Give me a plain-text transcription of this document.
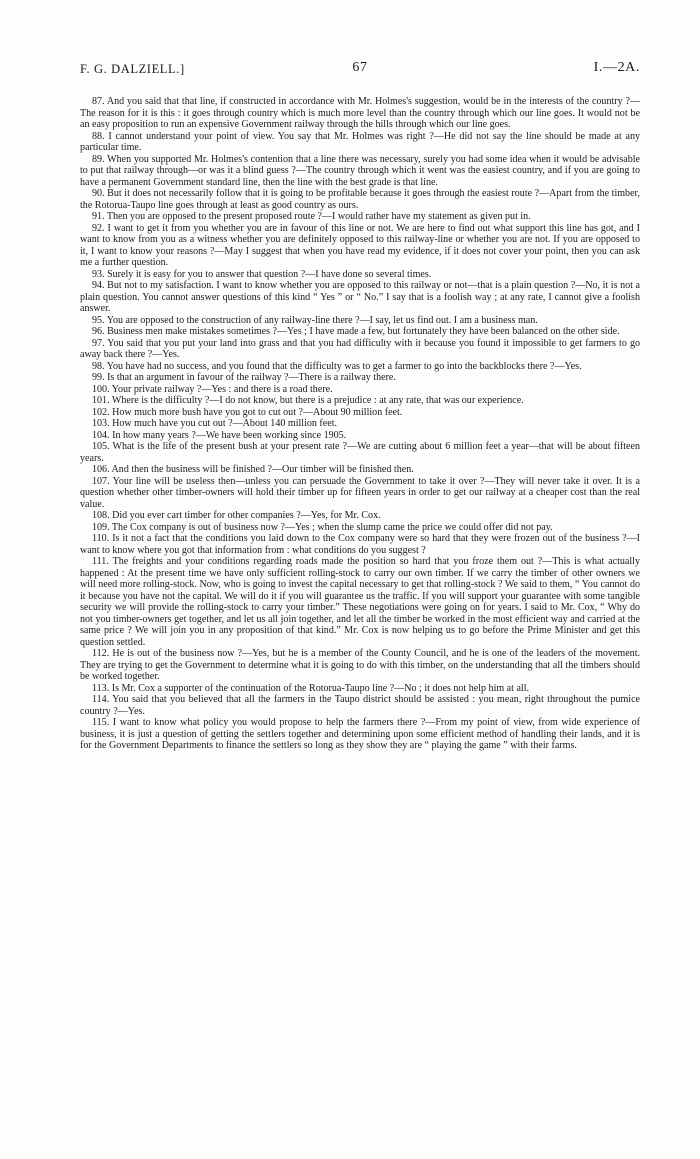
F. G. DALZIELL.]	67	I.—2A.

87. And you said that that line, if constructed in accordance with Mr. Holmes's suggestion, would be in the interests of the country ?—The reason for it is this : it goes through country which is much more level than the country through which our line goes. It would not be an easy proposition to run an expensive Government railway through the hills through which our line goes.

88. I cannot understand your point of view. You say that Mr. Holmes was right ?—He did not say the line should be made at any particular time.

89. When you supported Mr. Holmes's contention that a line there was necessary, surely you had some idea when it would be advisable to put that railway through—or was it a blind guess ?—The country through which it went was the easiest country, and if you are going to have a permanent Government standard line, then the line with the best grade is that line.

90. But it does not necessarily follow that it is going to be profitable because it goes through the easiest route ?—Apart from the timber, the Rotorua-Taupo line goes through at least as good country as ours.

91. Then you are opposed to the present proposed route ?—I would rather have my statement as given put in.

92. I want to get it from you whether you are in favour of this line or not. We are here to find out what support this line has got, and I want to know from you as a witness whether you are definitely opposed to this railway-line or whether you are not. If you are opposed to it, I want to know your reasons ?—May I suggest that when you have read my evidence, if it does not cover your point, then you can ask me a further question.

93. Surely it is easy for you to answer that question ?—I have done so several times.

94. But not to my satisfaction. I want to know whether you are opposed to this railway or not—that is a plain question ?—No, it is not a plain question. You cannot answer questions of this kind “ Yes ” or “ No.” I say that is a foolish way ; at any rate, I cannot give a foolish answer.

95. You are opposed to the construction of any railway-line there ?—I say, let us find out. I am a business man.

96. Business men make mistakes sometimes ?—Yes ; I have made a few, but fortunately they have been balanced on the other side.

97. You said that you put your land into grass and that you had difficulty with it because you found it impossible to get farmers to go away back there ?—Yes.

98. You have had no success, and you found that the difficulty was to get a farmer to go into the backblocks there ?—Yes.

99. Is that an argument in favour of the railway ?—There is a railway there.

100. Your private railway ?—Yes : and there is a road there.

101. Where is the difficulty ?—I do not know, but there is a prejudice : at any rate, that was our experience.

102. How much more bush have you got to cut out ?—About 90 million feet.

103. How much have you cut out ?—About 140 million feet.

104. In how many years ?—We have been working since 1905.

105. What is the life of the present bush at your present rate ?—We are cutting about 6 million feet a year—that will be about fifteen years.

106. And then the business will be finished ?—Our timber will be finished then.

107. Your line will be useless then—unless you can persuade the Government to take it over ?—They will never take it over. It is a question whether other timber-owners will hold their timber up for fifteen years in order to get our railway at a cheaper cost than the real value.

108. Did you ever cart timber for other companies ?—Yes, for Mr. Cox.

109. The Cox company is out of business now ?—Yes ; when the slump came the price we could offer did not pay.

110. Is it not a fact that the conditions you laid down to the Cox company were so hard that they were frozen out of the business ?—I want to know where you got that information from : what conditions do you suggest ?

111. The freights and your conditions regarding roads made the position so hard that you froze them out ?—This is what actually happened : At the present time we have only sufficient rolling-stock to carry our own timber. If we carry the timber of other owners we will need more rolling-stock. Now, who is going to invest the capital necessary to get that rolling-stock ? We said to them, “ You cannot do it because you have not the capital. We will do it if you will guarantee us the traffic. If you will support your guarantee with some tangible security we will provide the rolling-stock to carry your timber.” These negotiations were going on for years. I said to Mr. Cox, “ Why do not you timber-owners get together, and let us all join together, and let all the timber be worked in the most efficient way and carried at the same price ? We will join you in any proposition of that kind.” Mr. Cox is now helping us to go before the Prime Minister and get this question settled.

112. He is out of the business now ?—Yes, but he is a member of the County Council, and he is one of the leaders of the movement. They are trying to get the Government to determine what it is going to do with this timber, on the understanding that all the timbers should be worked together.

113. Is Mr. Cox a supporter of the continuation of the Rotorua-Taupo line ?—No ; it does not help him at all.

114. You said that you believed that all the farmers in the Taupo district should be assisted : you mean, right throughout the pumice country ?—Yes.

115. I want to know what policy you would propose to help the farmers there ?—From my point of view, from wide experience of business, it is just a question of getting the settlers together and determining upon some efficient method of handling their lands, and it is for the Government Departments to finance the settlers so long as they show they are “ playing the game ” with their farms.
